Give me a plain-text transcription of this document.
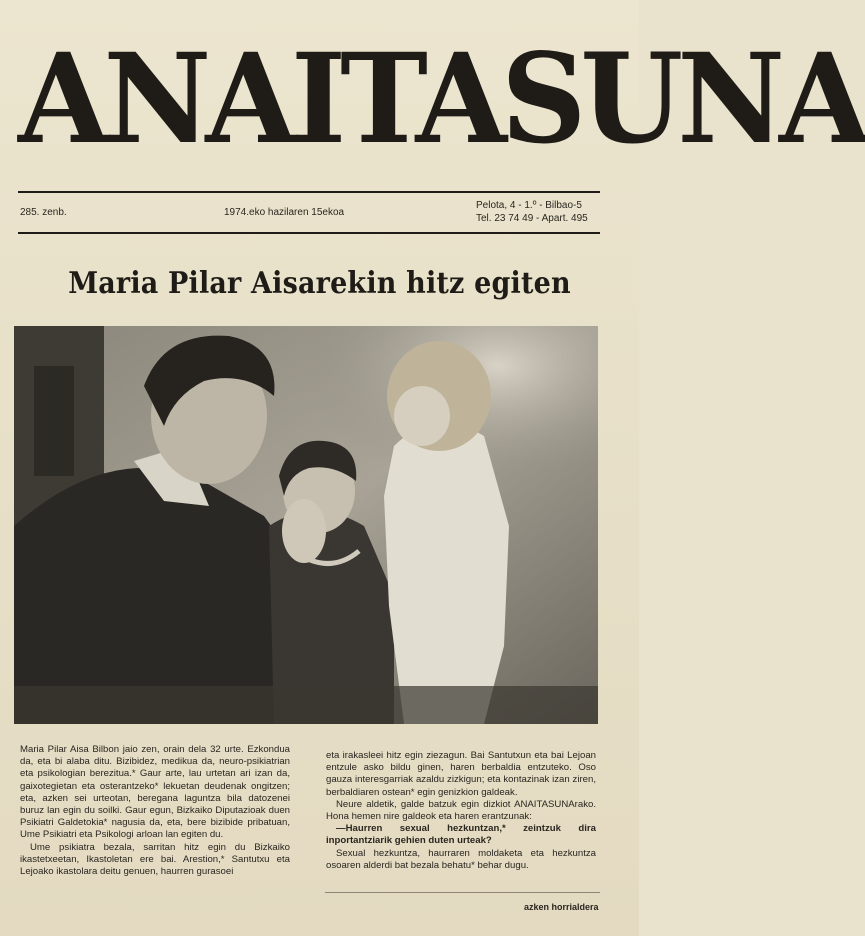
ANAITASUNA
285. zenb.	1974.eko hazilaren 15ekoa
Pelota, 4 - 1.º - Bilbao-5
Tel. 23 74 49 - Apart. 495
Maria Pilar Aisarekin hitz egiten

Maria Pilar Aisa Bilbon jaio zen, orain dela 32 urte. Ezkondua da, eta bi alaba ditu. Bizibidez, medikua da, neuro-psikiatrian eta psikologian berezitua.* Gaur arte, lau urtetan ari izan da, gaixotegietan eta osterantzeko* lekuetan deudenak ongitzen; eta, azken sei urteotan, beregana laguntza bila datozenei buruz lan egin du soilki. Gaur egun, Bizkaiko Diputazioak duen Psikiatri Galdetokia* nagusia da, eta, bere bizibide pribatuan, Ume Psikiatri eta Psikologi arloan lan egiten du.

Ume psikiatra bezala, sarritan hitz egin du Bizkaiko ikastetxeetan, Ikastoletan ere bai. Arestion,* Santutxu eta Lejoako ikastolara deitu genuen, haurren gurasoei

eta irakasleei hitz egin ziezagun. Bai Santutxun eta bai Lejoan entzule asko bildu ginen, haren berbaldia entzuteko. Oso gauza interesgarriak azaldu zizkigun; eta kontazinak izan ziren, berbaldiaren ostean* egin genizkion galdeak.

Neure aldetik, galde batzuk egin dizkiot ANAITASUNArako. Hona hemen nire galdeok eta haren erantzunak:

—Haurren sexual hezkuntzan,* zeintzuk dira inportantziarik gehien duten urteak?

Sexual hezkuntza, haurraren moldaketa eta hezkuntza osoaren alderdi bat bezala behatu* behar dugu.

azken horrialdera
